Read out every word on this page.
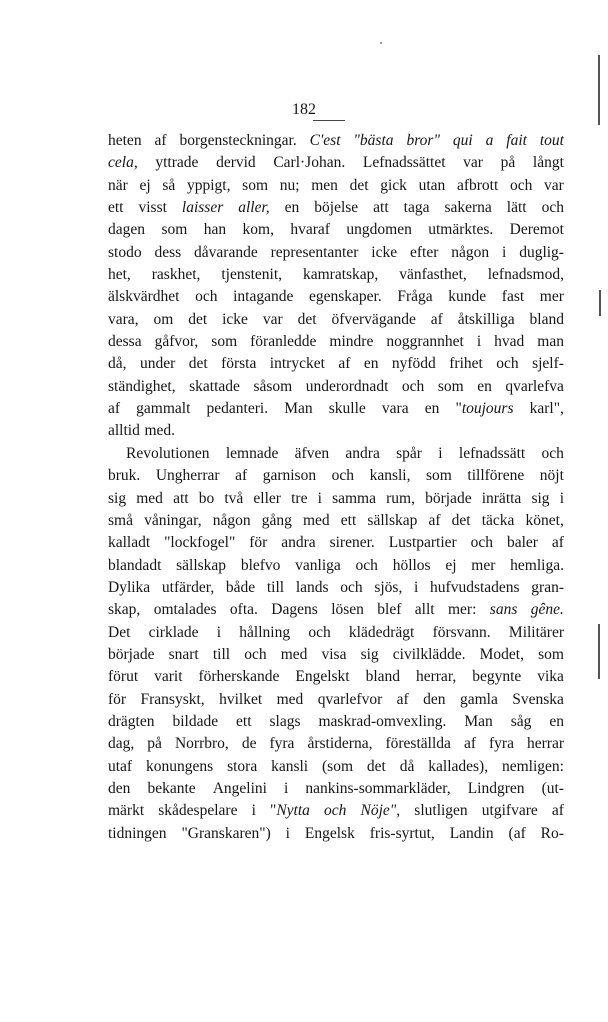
182
heten af borgensteckningar. C'est "bästa bror" qui a fait tout
cela, yttrade dervid Carl·Johan. Lefnadssättet var på långt
när ej så yppigt, som nu; men det gick utan afbrott och var
ett visst laisser aller, en böjelse att taga sakerna lätt och
dagen som han kom, hvaraf ungdomen utmärktes. Deremot
stodo dess dåvarande representanter icke efter någon i duglig-
het, raskhet, tjenstenit, kamratskap, vänfasthet, lefnadsmod,
älskvärdhet och intagande egenskaper. Fråga kunde fast mer
vara, om det icke var det öfvervägande af åtskilliga bland
dessa gåfvor, som föranledde mindre noggrannhet i hvad man
då, under det första intrycket af en nyfödd frihet och sjelf-
ständighet, skattade såsom underordnadt och som en qvarlefva
af gammalt pedanteri. Man skulle vara en "toujours karl",
alltid med.
Revolutionen lemnade äfven andra spår i lefnadssätt och
bruk. Ungherrar af garnison och kansli, som tillförene nöjt
sig med att bo två eller tre i samma rum, började inrätta sig i
små våningar, någon gång med ett sällskap af det täcka könet,
kalladt "lockfogel" för andra sirener. Lustpartier och baler af
blandadt sällskap blefvo vanliga och höllos ej mer hemliga.
Dylika utfärder, både till lands och sjös, i hufvudstadens gran-
skap, omtalades ofta. Dagens lösen blef allt mer: sans gêne.
Det cirklade i hållning och klädedrägt försvann. Militärer
började snart till och med visa sig civilklädde. Modet, som
förut varit förherskande Engelskt bland herrar, begynte vika
för Fransyskt, hvilket med qvarlefvor af den gamla Svenska
drägten bildade ett slags maskrad-omvexling. Man såg en
dag, på Norrbro, de fyra årstiderna, föreställda af fyra herrar
utaf konungens stora kansli (som det då kallades), nemligen:
den bekante Angelini i nankins-sommarkläder, Lindgren (ut-
märkt skådespelare i "Nytta och Nöje", slutligen utgifvare af
tidningen "Granskaren") i Engelsk fris-syrtut, Landin (af Ro-
